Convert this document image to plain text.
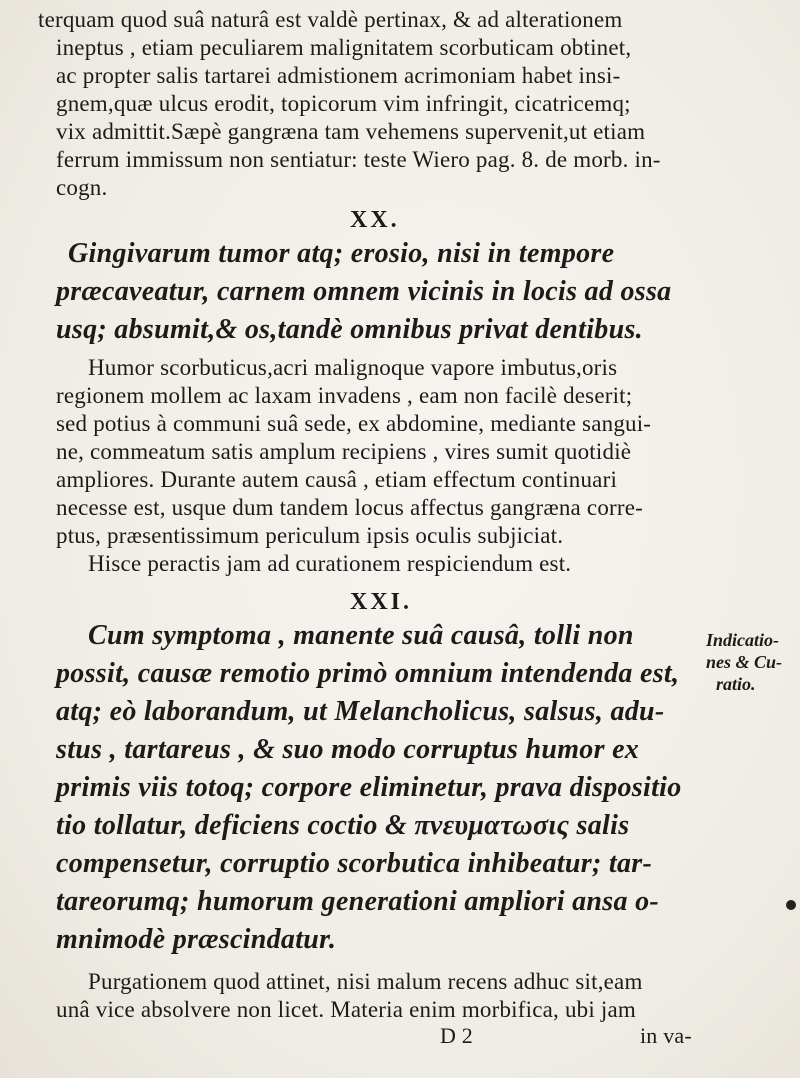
terquam quod suâ naturâ est valdè pertinax, & ad alterationem
ineptus , etiam peculiarem malignitatem scorbuticam obtinet,
ac propter salis tartarei admistionem acrimoniam habet insi-
gnem,quæ ulcus erodit, topicorum vim infringit, cicatricemq;
vix admittit.Sæpè gangræna tam vehemens supervenit,ut etiam
ferrum immissum non sentiatur: teste Wiero pag. 8. de morb. in-
cogn.
XX.
Gingivarum tumor atq; erosio, nisi in tempore
præcaveatur, carnem omnem vicinis in locis ad ossa
usq; absumit,& os,tandè omnibus privat dentibus.
Humor scorbuticus,acri malignoque vapore imbutus,oris
regionem mollem ac laxam invadens , eam non facilè deserit;
sed potius à communi suâ sede, ex abdomine, mediante sangui-
ne, commeatum satis amplum recipiens , vires sumit quotidiè
ampliores. Durante autem causâ , etiam effectum continuari
necesse est, usque dum tandem locus affectus gangræna corre-
ptus, præsentissimum periculum ipsis oculis subjiciat.
Hisce peractis jam ad curationem respiciendum est.
XXI.
Cum symptoma , manente suâ causâ, tolli non
possit, causæ remotio primò omnium intendenda est,
atq; eò laborandum, ut Melancholicus, salsus, adu-
stus , tartareus , & suo modo corruptus humor ex
primis viis totoq; corpore eliminetur, prava dispositio
tio tollatur, deficiens coctio & πνευματωσις salis
compensetur, corruptio scorbutica inhibeatur; tar-
tareorumq; humorum generationi ampliori ansa o-
mnimodè præscindatur.
Indicatio-
nes & Cu-
ratio.
Purgationem quod attinet, nisi malum recens adhuc sit,eam
unâ vice absolvere non licet. Materia enim morbifica, ubi jam
D 2	in va-
